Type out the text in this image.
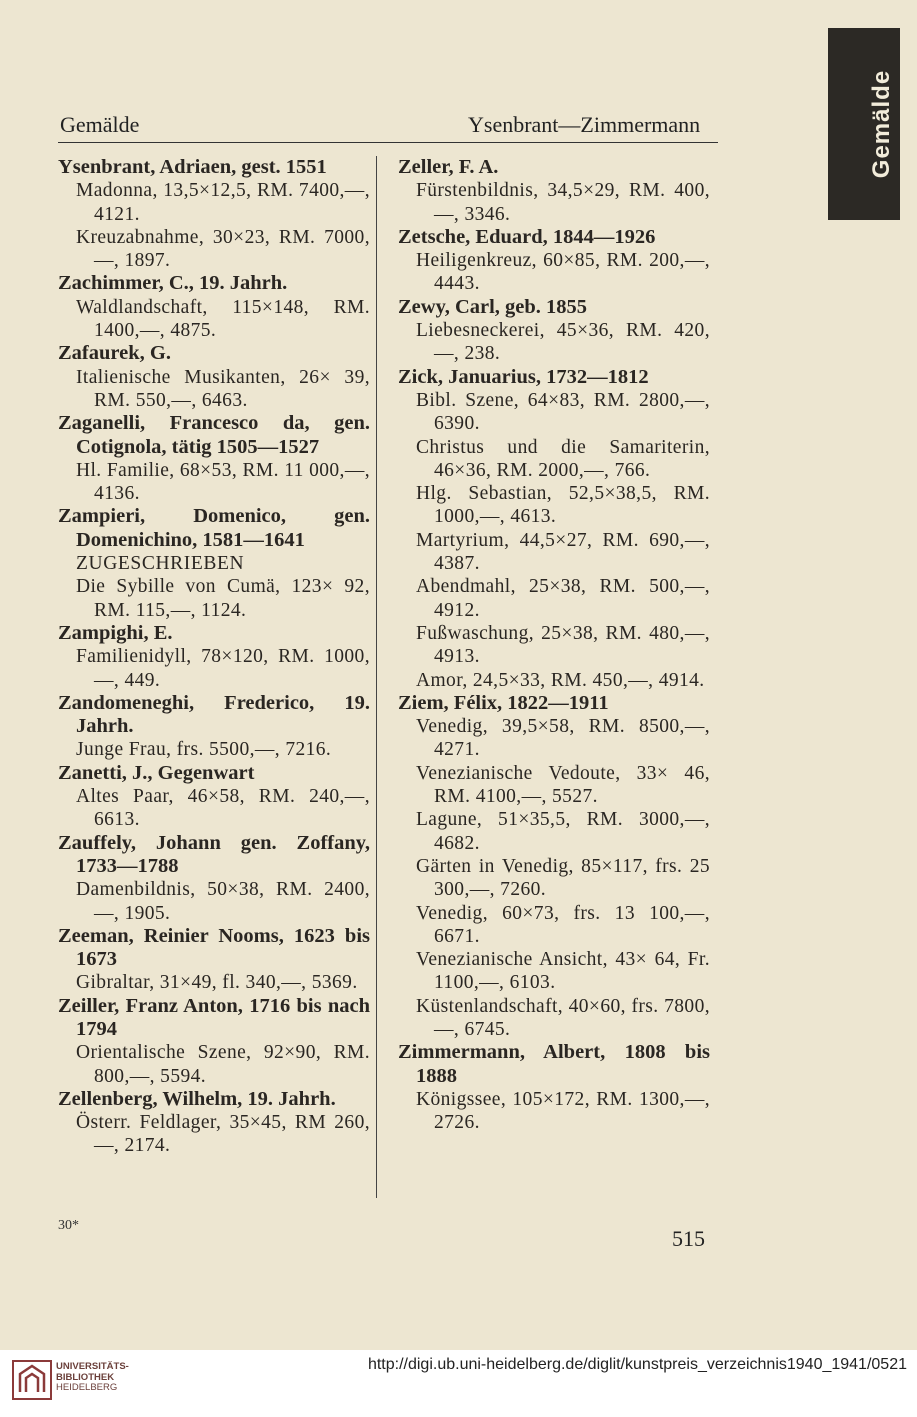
Gemälde
Gemälde	Ysenbrant—Zimmermann
Ysenbrant, Adriaen, gest. 1551
Madonna, 13,5×12,5, RM. 7400,—, 4121.
Kreuzabnahme, 30×23, RM. 7000,—, 1897.
Zachimmer, C., 19. Jahrh.
Waldlandschaft, 115×148, RM. 1400,—, 4875.
Zafaurek, G.
Italienische Musikanten, 26× 39, RM. 550,—, 6463.
Zaganelli, Francesco da, gen. Cotignola, tätig 1505—1527
Hl. Familie, 68×53, RM. 11 000,—, 4136.
Zampieri, Domenico, gen. Domenichino, 1581—1641
ZUGESCHRIEBEN
Die Sybille von Cumä, 123× 92, RM. 115,—, 1124.
Zampighi, E.
Familienidyll, 78×120, RM. 1000,—, 449.
Zandomeneghi, Frederico, 19. Jahrh.
Junge Frau, frs. 5500,—, 7216.
Zanetti, J., Gegenwart
Altes Paar, 46×58, RM. 240,—, 6613.
Zauffely, Johann gen. Zoffany, 1733—1788
Damenbildnis, 50×38, RM. 2400,—, 1905.
Zeeman, Reinier Nooms, 1623 bis 1673
Gibraltar, 31×49, fl. 340,—, 5369.
Zeiller, Franz Anton, 1716 bis nach 1794
Orientalische Szene, 92×90, RM. 800,—, 5594.
Zellenberg, Wilhelm, 19. Jahrh.
Österr. Feldlager, 35×45, RM 260,—, 2174.
Zeller, F. A.
Fürstenbildnis, 34,5×29, RM. 400,—, 3346.
Zetsche, Eduard, 1844—1926
Heiligenkreuz, 60×85, RM. 200,—, 4443.
Zewy, Carl, geb. 1855
Liebesneckerei, 45×36, RM. 420,—, 238.
Zick, Januarius, 1732—1812
Bibl. Szene, 64×83, RM. 2800,—, 6390.
Christus und die Samariterin, 46×36, RM. 2000,—, 766.
Hlg. Sebastian, 52,5×38,5, RM. 1000,—, 4613.
Martyrium, 44,5×27, RM. 690,—, 4387.
Abendmahl, 25×38, RM. 500,—, 4912.
Fußwaschung, 25×38, RM. 480,—, 4913.
Amor, 24,5×33, RM. 450,—, 4914.
Ziem, Félix, 1822—1911
Venedig, 39,5×58, RM. 8500,—, 4271.
Venezianische Vedoute, 33× 46, RM. 4100,—, 5527.
Lagune, 51×35,5, RM. 3000,—, 4682.
Gärten in Venedig, 85×117, frs. 25 300,—, 7260.
Venedig, 60×73, frs. 13 100,—, 6671.
Venezianische Ansicht, 43× 64, Fr. 1100,—, 6103.
Küstenlandschaft, 40×60, frs. 7800,—, 6745.
Zimmermann, Albert, 1808 bis 1888
Königssee, 105×172, RM. 1300,—, 2726.
30*
515
UNIVERSITÄTS-
BIBLIOTHEK
HEIDELBERG
http://digi.ub.uni-heidelberg.de/diglit/kunstpreis_verzeichnis1940_1941/0521
